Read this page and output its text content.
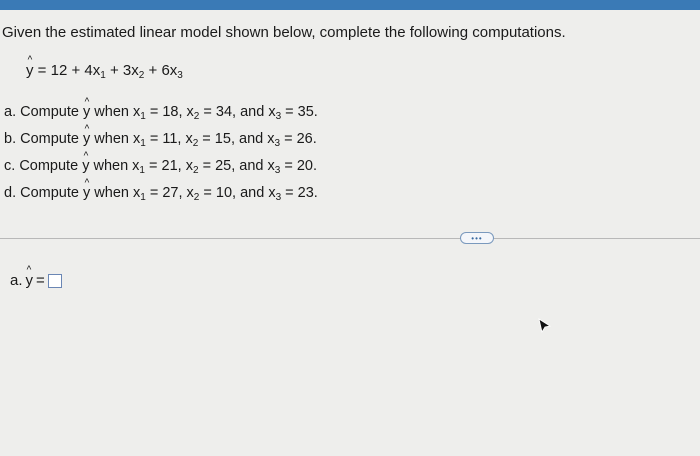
Given the estimated linear model shown below, complete the following computations.
^ $y = 12 + 4x_1 + 3x_2 + 6x_3$
a. Compute ^ y when $x_1 = 18$, $x_2 = 34$, and $x_3 = 35$.
b. Compute ^ y when $x_1 = 11$, $x_2 = 15$, and $x_3 = 26$.
c. Compute ^ y when $x_1 = 21$, $x_2 = 25$, and $x_3 = 20$.
d. Compute ^ y when $x_1 = 27$, $x_2 = 10$, and $x_3 = 23$.
•••
a. ^ y =
